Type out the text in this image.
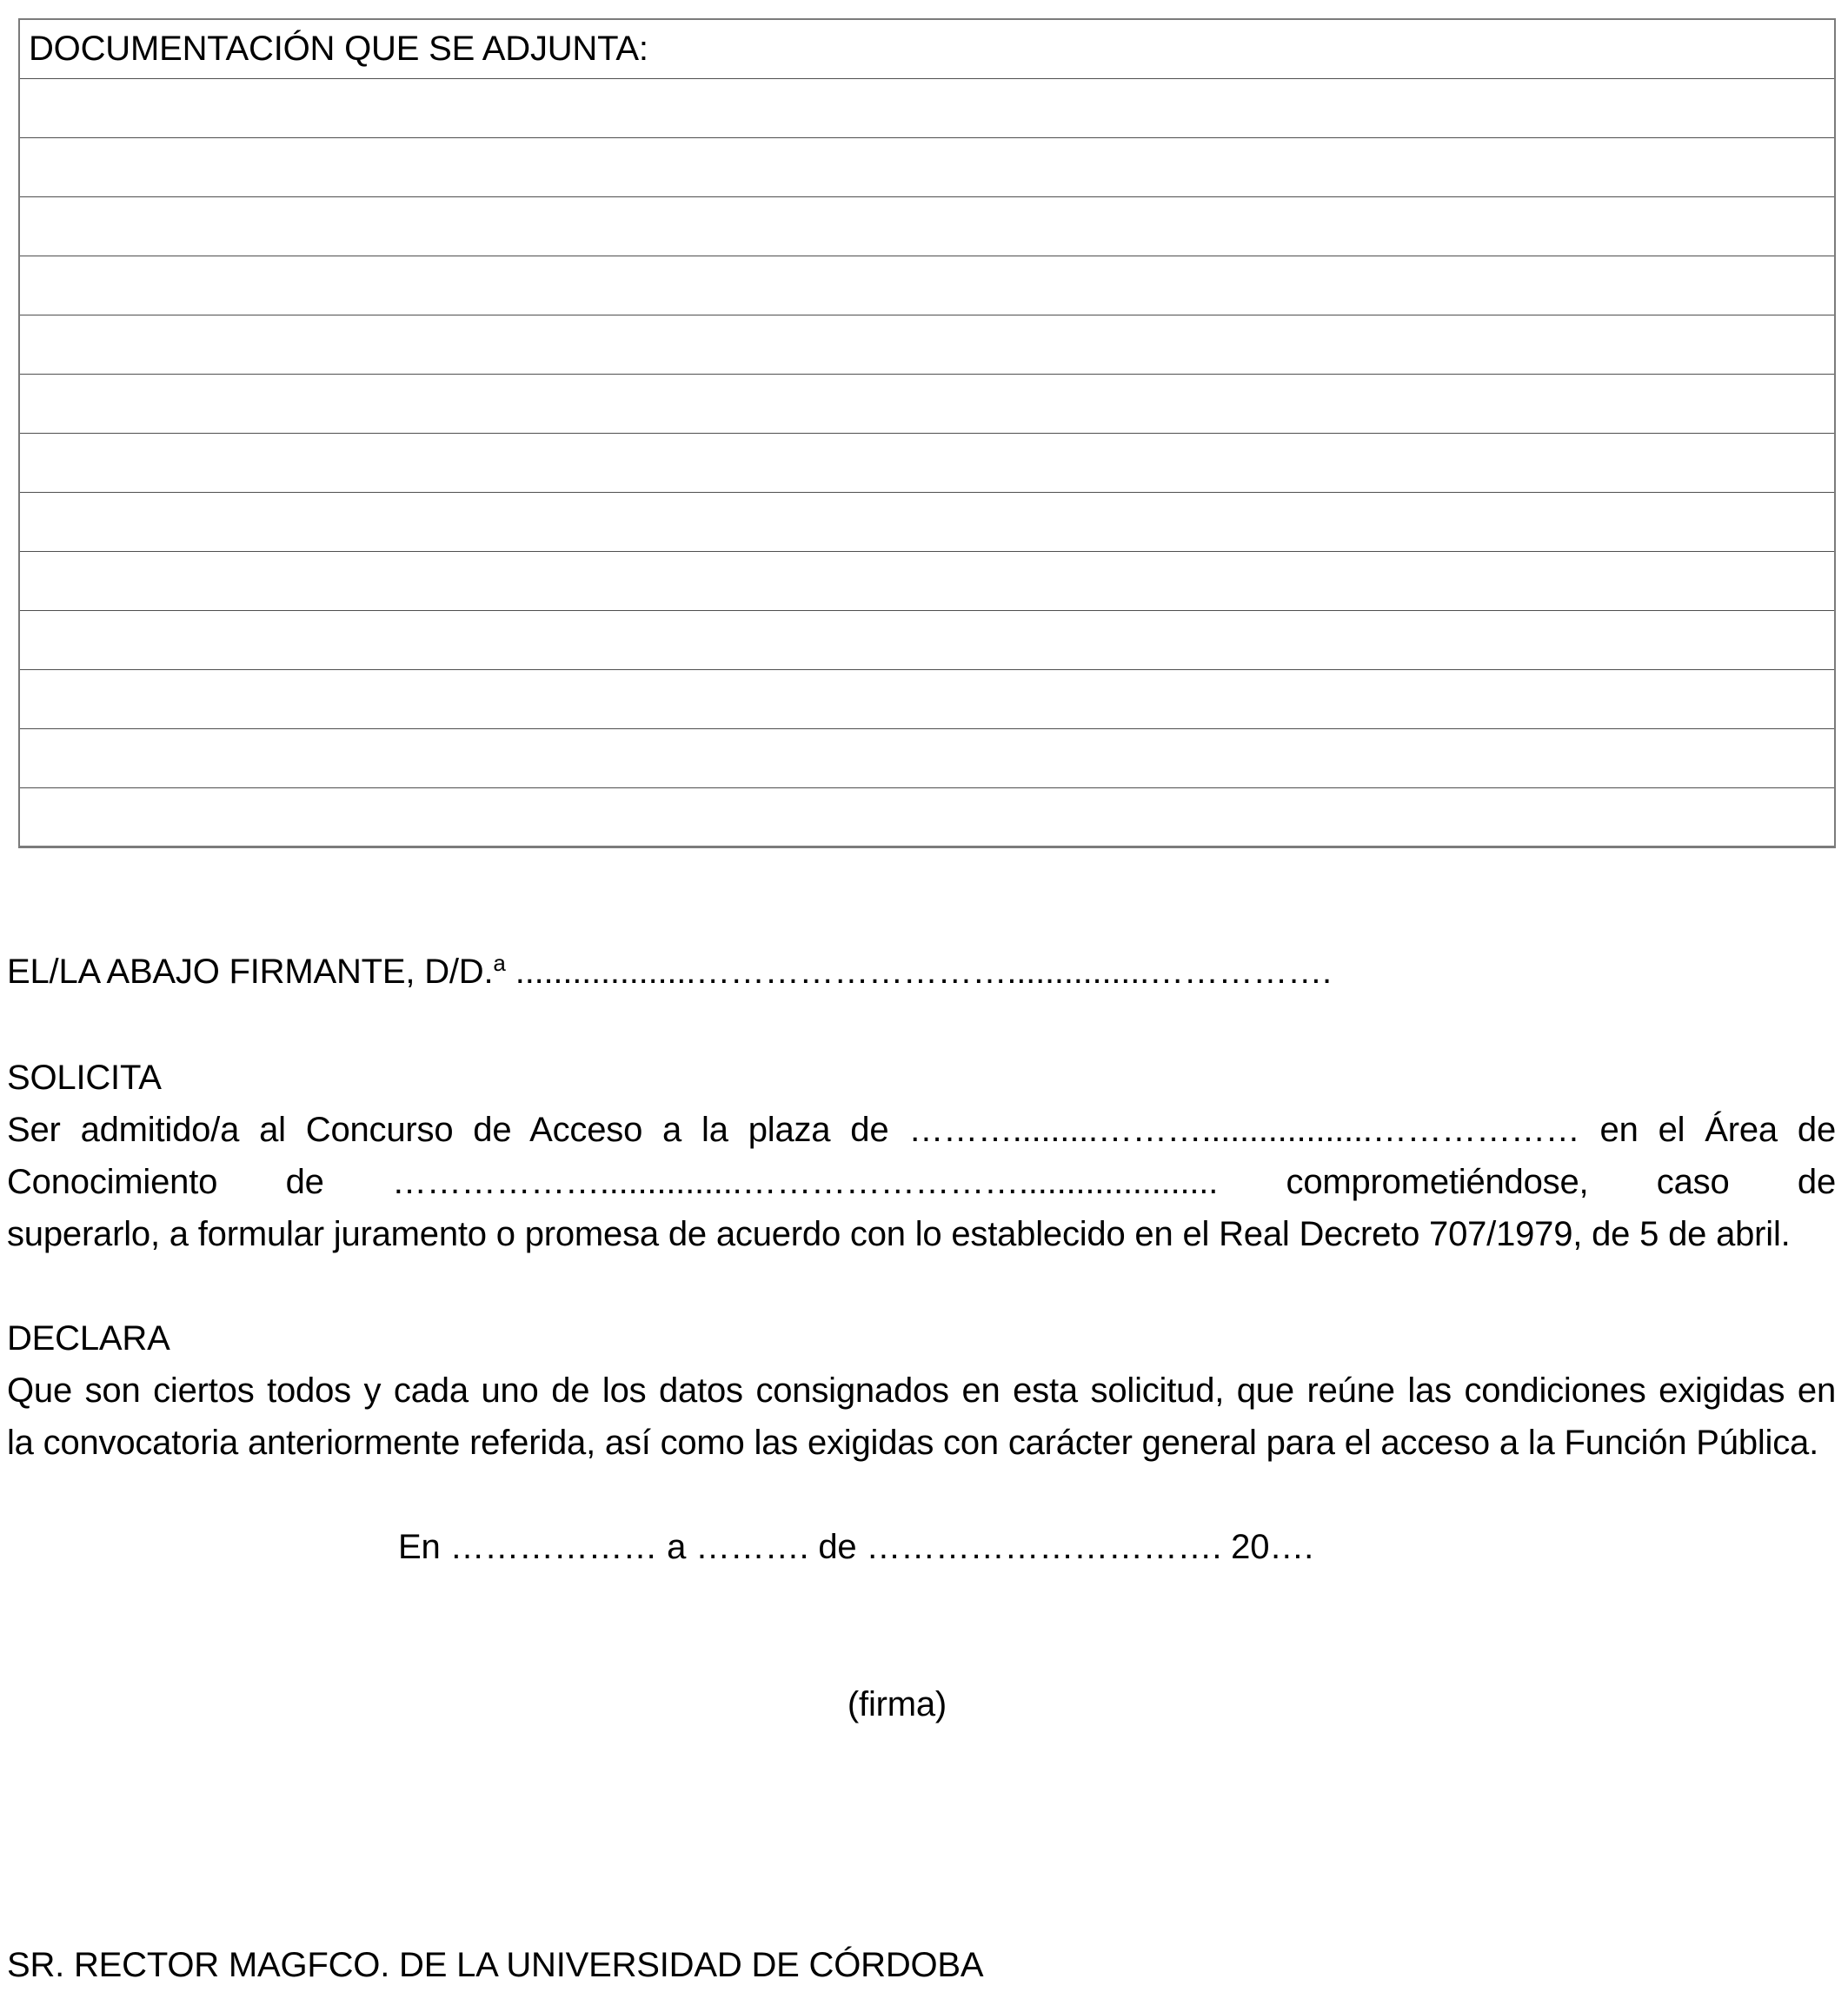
DOCUMENTACIÓN QUE SE ADJUNTA:

EL/LA ABAJO FIRMANTE, D/D.$^a$ ...................………………………...............…………….
SOLICITA
Ser admitido/a al Concurso de Acceso a la plaza de ……….........………..................……………… en el Área de
Conocimiento de ………………...............……………………..................... comprometiéndose, caso de
superarlo, a formular juramento o promesa de acuerdo con lo establecido en el Real Decreto 707/1979, de 5 de abril.
DECLARA
Que son ciertos todos y cada uno de los datos consignados en esta solicitud, que reúne las condiciones exigidas en
la convocatoria anteriormente referida, así como las exigidas con carácter general para el acceso a la Función Pública.
En ……………… a ………. de …………………………. 20….
(firma)
SR. RECTOR MAGFCO. DE LA UNIVERSIDAD DE CÓRDOBA
